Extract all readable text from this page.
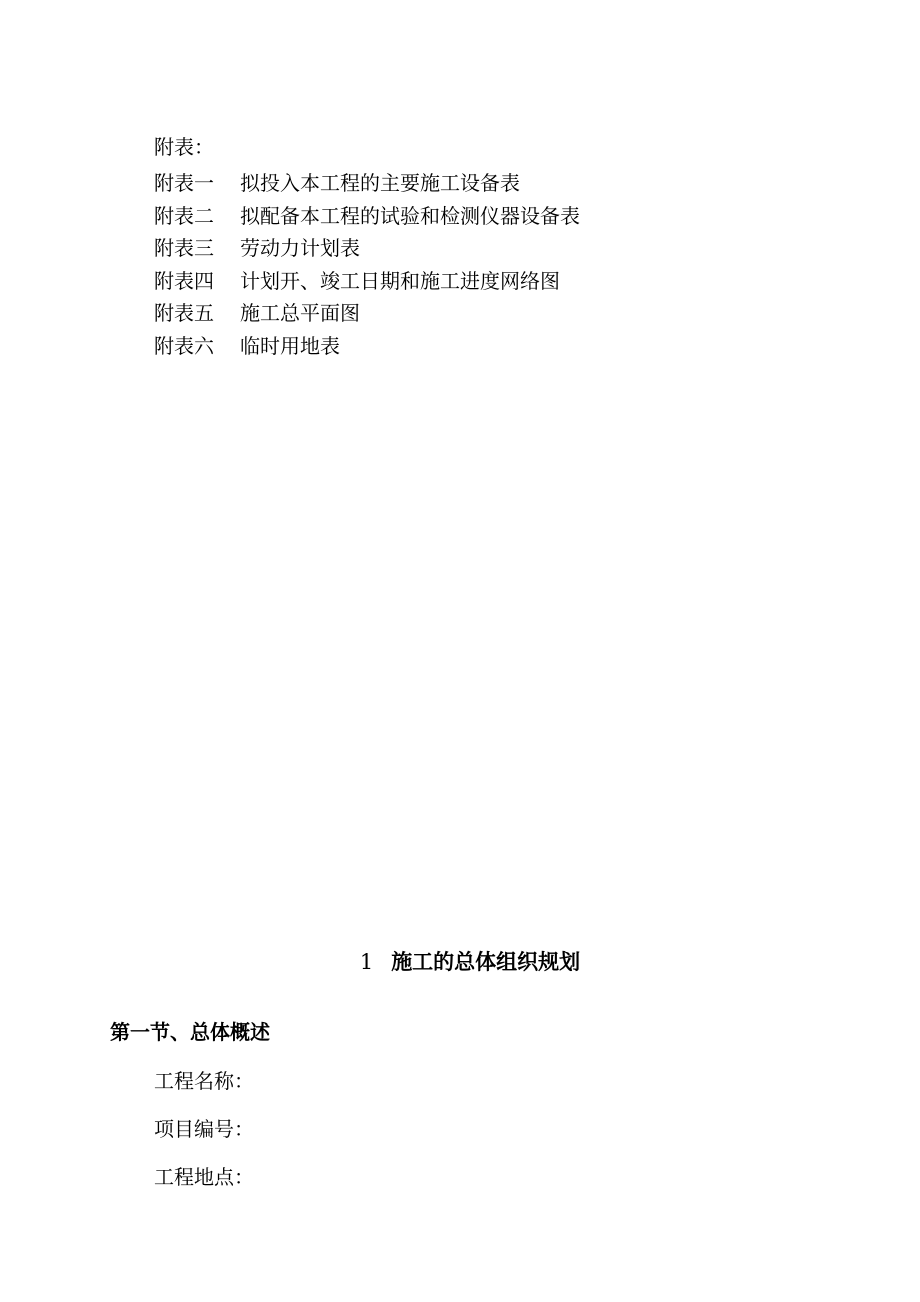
附表：
附表一 拟投入本工程的主要施工设备表
附表二 拟配备本工程的试验和检测仪器设备表
附表三 劳动力计划表
附表四 计划开、竣工日期和施工进度网络图
附表五 施工总平面图
附表六 临时用地表
1 施工的总体组织规划
第一节、总体概述
工程名称：
项目编号：
工程地点：
